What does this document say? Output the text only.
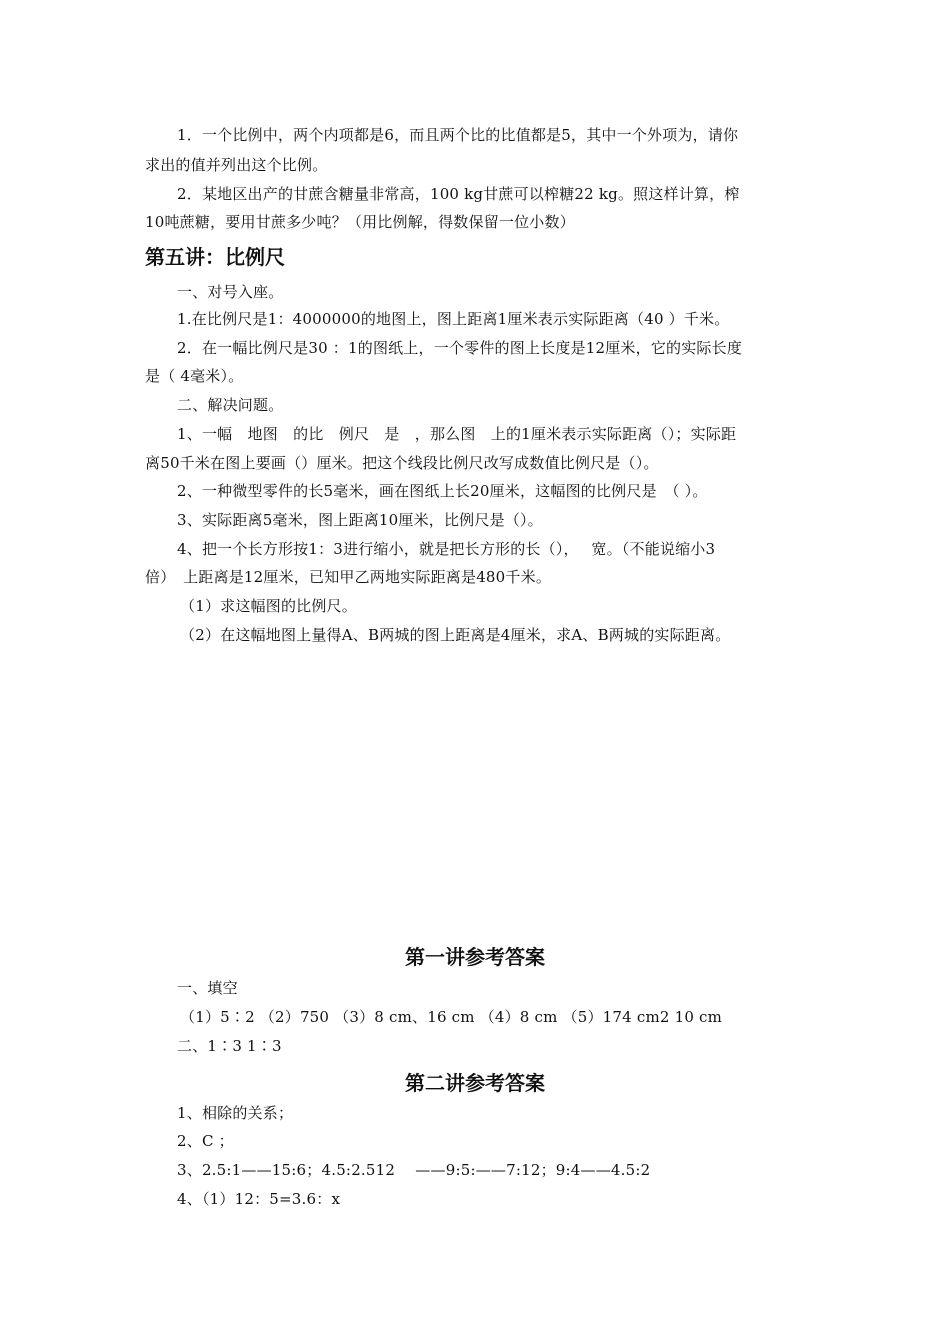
1．一个比例中，两个内项都是6，而且两个比的比值都是5，其中一个外项为，请你
求出的值并列出这个比例。
2．某地区出产的甘蔗含糖量非常高，100 kg甘蔗可以榨糖22 kg。照这样计算，榨
10吨蔗糖，要用甘蔗多少吨？（用比例解，得数保留一位小数）
第五讲：比例尺
一、对号入座。
1.在比例尺是1：4000000的地图上，图上距离1厘米表示实际距离（40 ）千米。
2．在一幅比例尺是30 ：1的图纸上，一个零件的图上长度是12厘米，它的实际长度
是（ 4毫米）。
二、解决问题。
1、一幅　地图　的比　例尺　是　，那么图　上的1厘米表示实际距离（）；实际距
离50千米在图上要画（）厘米。把这个线段比例尺改写成数值比例尺是（）。
2、一种微型零件的长5毫米，画在图纸上长20厘米，这幅图的比例尺是　（ ）。
3、实际距离5毫米，图上距离10厘米，比例尺是（）。
4、把一个长方形按1：3进行缩小，就是把长方形的长（），　 宽。（不能说缩小3
倍）　上距离是12厘米，已知甲乙两地实际距离是480千米。
（1）求这幅图的比例尺。
（2）在这幅地图上量得A、B两城的图上距离是4厘米，求A、B两城的实际距离。
第一讲参考答案
一、填空
（1）5∶2 （2）750 （3）8 cm、16 cm （4）8 cm （5）174 cm2 10 cm
二、1∶3 1∶3
第二讲参考答案
1、相除的关系；
2、C ；
3、2.5:1——15:6；4.5:2.512 　——9:5:——7:12；9:4——4.5:2
4、（1）12：5=3.6：x
